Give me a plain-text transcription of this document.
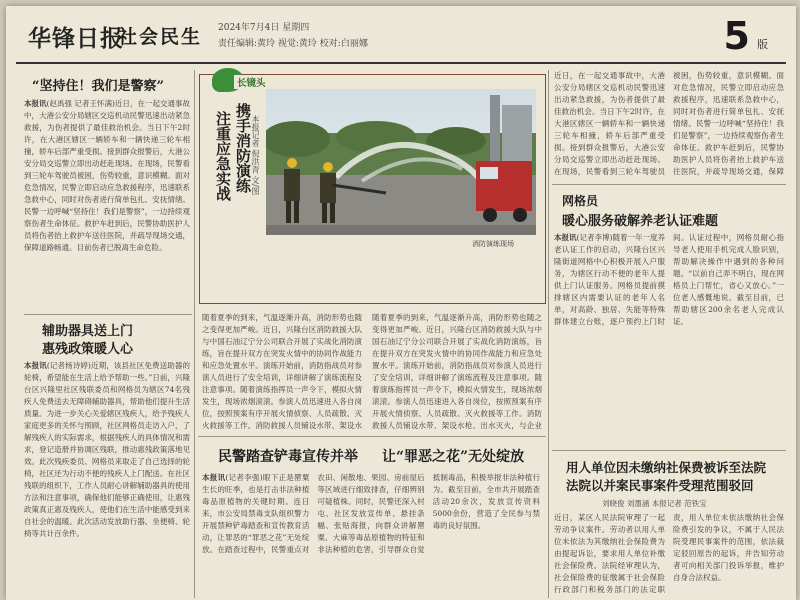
华锋日报
社会民生 2024年7月4日 星期四
责任编辑:黄玲 视觉:黄玲 校对:白丽娜	5 版
“坚持住！我们是警察”
本报讯(赵禹强 记者王怀满)近日，在一起交通事故中，大港公安分局辖区交巡机动民警迅速出动紧急救援，为伤者提供了最佳救治机会。当日下午2时许，在大港区辖区一辆轿车和一辆快递三轮车相撞，轿车后部严重受损。接到群众报警后，大港公安分局交巡警立即出动赶赴现场。在现场，民警看到三轮车驾驶员被困，伤势较重，意识模糊。面对危急情况，民警立即启动应急救援程序，迅速联系急救中心，同时对伤者进行简单包扎、安抚情绪。民警一边呼喊“坚持住！我们是警察”，一边持续观察伤者生命体征。救护车赶到后，民警协助医护人员将伤者抬上救护车送往医院，并疏导现场交通，保障道路畅通。目前伤者已脱离生命危险。
辅助器具送上门
惠残政策暖人心
本报讯(记者杨诗婷)近期，该县社区免费送助器的轮椅，希望能在生活上给予帮助一些。”日前，兴隆台区兴隆里社区残联委员和网格员为辖区74名残疾人免费送去无障碍辅助器具，帮助他们提升生活质量。为进一步关心关爱辖区残疾人，给予残疾人家庭更多的关怀与照顾，社区网格员走访入户，了解残疾人的实际需求，根据残疾人的具体情况和需求，登记造册并协调区残联，推动惠残政策落地见效。此次残疾委员、网格员来取走了自己选择的轮椅，社区还为行动不便的残疾人上门配送。在社区残联的组织下，工作人员耐心讲解辅助器具的使用方法和注意事项，确保他们能够正确使用，让惠残政策真正惠及残疾人，使他们在生活中能感受到来自社会的温暖。此次活动发放助行器、坐便椅、轮椅等共计百余件。
长镜头
携手消防演练
注重应急实战 本报记者 倪洪青 文/图
消防演练现场
随着夏季的到来，气温逐渐升高，消防形势也随之变得更加严峻。近日，兴隆台区消防救援大队与中国石油辽宁分公司联合开展了实战化消防演练，旨在提升双方在突发火情中的协同作战能力和应急处置水平。演练开始前，消防指战员对参演人员进行了安全培训，详细讲解了演练流程及注意事项。随着演练指挥员一声令下，模拟火情发生，现场浓烟滚滚。参演人员迅速进入各自岗位，按照预案有序开展火情侦察、人员疏散、灭火救援等工作。消防救援人员铺设水带、架设水
随着夏季的到来，气温逐渐升高，消防形势也随之变得更加严峻。近日，兴隆台区消防救援大队与中国石油辽宁分公司联合开展了实战化消防演练，旨在提升双方在突发火情中的协同作战能力和应急处置水平。演练开始前，消防指战员对参演人员进行了安全培训，详细讲解了演练流程及注意事项。随着演练指挥员一声令下，模拟火情发生，现场浓烟滚滚。参演人员迅速进入各自岗位，按照预案有序开展火情侦察、人员疏散、灭火救援等工作。消防救援人员铺设水带、架设水枪、出水灭火，与企业
民警踏查铲毒宣传并举 让“罪恶之花”无处绽放
本报讯(记者李强)眼下正是罂粟生长的旺季，也是打击非法种植毒品原植物的关键时期。连日来，市公安局禁毒支队组织警力开展禁种铲毒踏查和宣传教育活动，让罪恶的“罪恶之花”无处绽放。在踏查过程中，民警重点对农田、闲散地、果园、房前屋后等区域进行细致排查，仔细辨别可疑植株。同时，民警还深入村屯、社区发放宣传单、悬挂条幅、张贴海报，向群众讲解罂粟、大麻等毒品原植物的特征和非法种植的危害，引导群众自觉抵制毒品，积极举报非法种植行为。截至目前，全市共开展踏查活动20余次，发放宣传资料5000余份，营造了全民参与禁毒的良好氛围。
近日，在一起交通事故中，大港公安分局辖区交巡机动民警迅速出动紧急救援，为伤者提供了最佳救治机会。当日下午2时许，在大港区辖区一辆轿车和一辆快递三轮车相撞，轿车后部严重受损。接到群众报警后，大港公安分局交巡警立即出动赶赴现场。在现场，民警看到三轮车驾驶员被困，伤势较重，意识模糊。面对危急情况，民警立即启动应急救援程序，迅速联系急救中心，同时对伤者进行简单包扎、安抚情绪。民警一边呼喊“坚持住！我们是警察”，一边持续观察伤者生命体征。救护车赶到后，民警协助医护人员将伤者抬上救护车送往医院，并疏导现场交通，保障
网格员
暖心服务破解养老认证难题
本报讯(记者李博)随着一年一度养老认证工作的启动，兴隆台区兴隆街道网格中心积极开展入户服务，为辖区行动不便的老年人提供上门认证服务。网格员提前摸排辖区内需要认证的老年人名单，对高龄、独居、失能等特殊群体建立台账，逐户预约上门时间。认证过程中，网格员耐心指导老人使用手机完成人脸识别，帮助解决操作中遇到的各种问题。“以前自己弄不明白，现在网格员上门帮忙，省心又放心。”一位老人感慨地说。截至目前，已帮助辖区200余名老人完成认证。
用人单位因未缴纳社保费被诉至法院
法院以并案民事案件受理范围驳回
刘晓俊 刘墨涵 本报记者 范铁宝
近日，某区人民法院审理了一起劳动争议案件。劳动者以用人单位未依法为其缴纳社会保险费为由提起诉讼，要求用人单位补缴社会保险费。法院经审理认为，社会保险费的征缴属于社会保险行政部门和税务部门的法定职责，用人单位未依法缴纳社会保险费引发的争议，不属于人民法院受理民事案件的范围，依法裁定驳回原告的起诉，并告知劳动者可向相关部门投诉举报，维护自身合法权益。
